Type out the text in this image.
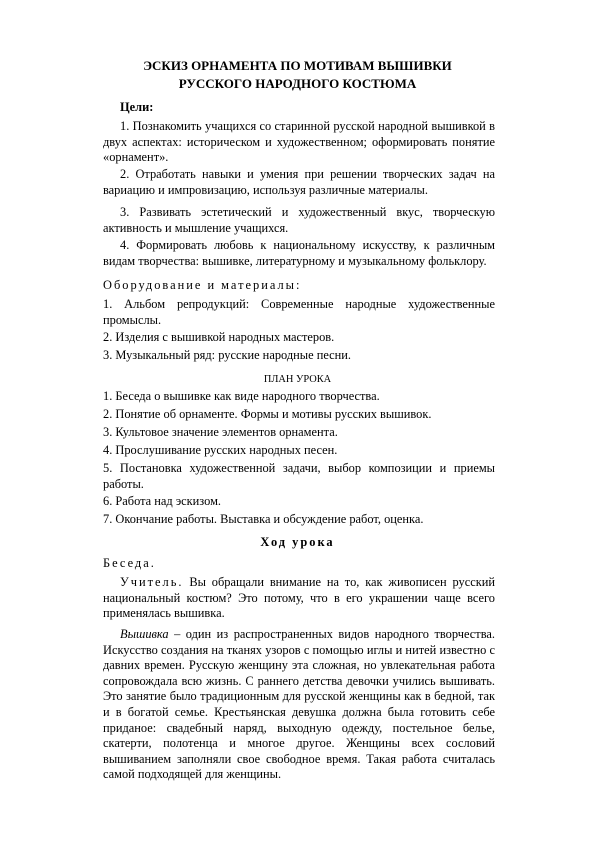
ЭСКИЗ ОРНАМЕНТА ПО МОТИВАМ ВЫШИВКИ
РУССКОГО НАРОДНОГО КОСТЮМА
Цели:
1. Познакомить учащихся со старинной русской народной вышивкой в двух аспектах: историческом и художественном; оформировать понятие «орнамент».
2. Отработать навыки и умения при решении творческих задач на вариацию и импровизацию, используя различные материалы.
3. Развивать эстетический и художественный вкус, творческую активность и мышление учащихся.
4. Формировать любовь к национальному искусству, к различным видам творчества: вышивке, литературному и музыкальному фольклору.
Оборудование и материалы:
1. Альбом репродукций: Современные народные художественные промыслы.
2. Изделия с вышивкой народных мастеров.
3. Музыкальный ряд: русские народные песни.
ПЛАН УРОКА
1. Беседа о вышивке как виде народного творчества.
2. Понятие об орнаменте. Формы и мотивы русских вышивок.
3. Культовое значение элементов орнамента.
4. Прослушивание русских народных песен.
5. Постановка художественной задачи, выбор композиции и приемы работы.
6. Работа над эскизом.
7. Окончание работы. Выставка и обсуждение работ, оценка.
Ход урока
Беседа.
Учитель. Вы обращали внимание на то, как живописен русский национальный костюм? Это потому, что в его украшении чаще всего применялась вышивка.
Вышивка – один из распространенных видов народного творчества. Искусство создания на тканях узоров с помощью иглы и нитей известно с давних времен. Русскую женщину эта сложная, но увлекательная работа сопровождала всю жизнь. С раннего детства девочки учились вышивать. Это занятие было традиционным для русской женщины как в бедной, так и в богатой семье. Крестьянская девушка должна была готовить себе приданое: свадебный наряд, выходную одежду, постельное белье, скатерти, полотенца и многое другое. Женщины всех сословий вышиванием заполняли свое свободное время. Такая работа считалась самой подходящей для женщины.
